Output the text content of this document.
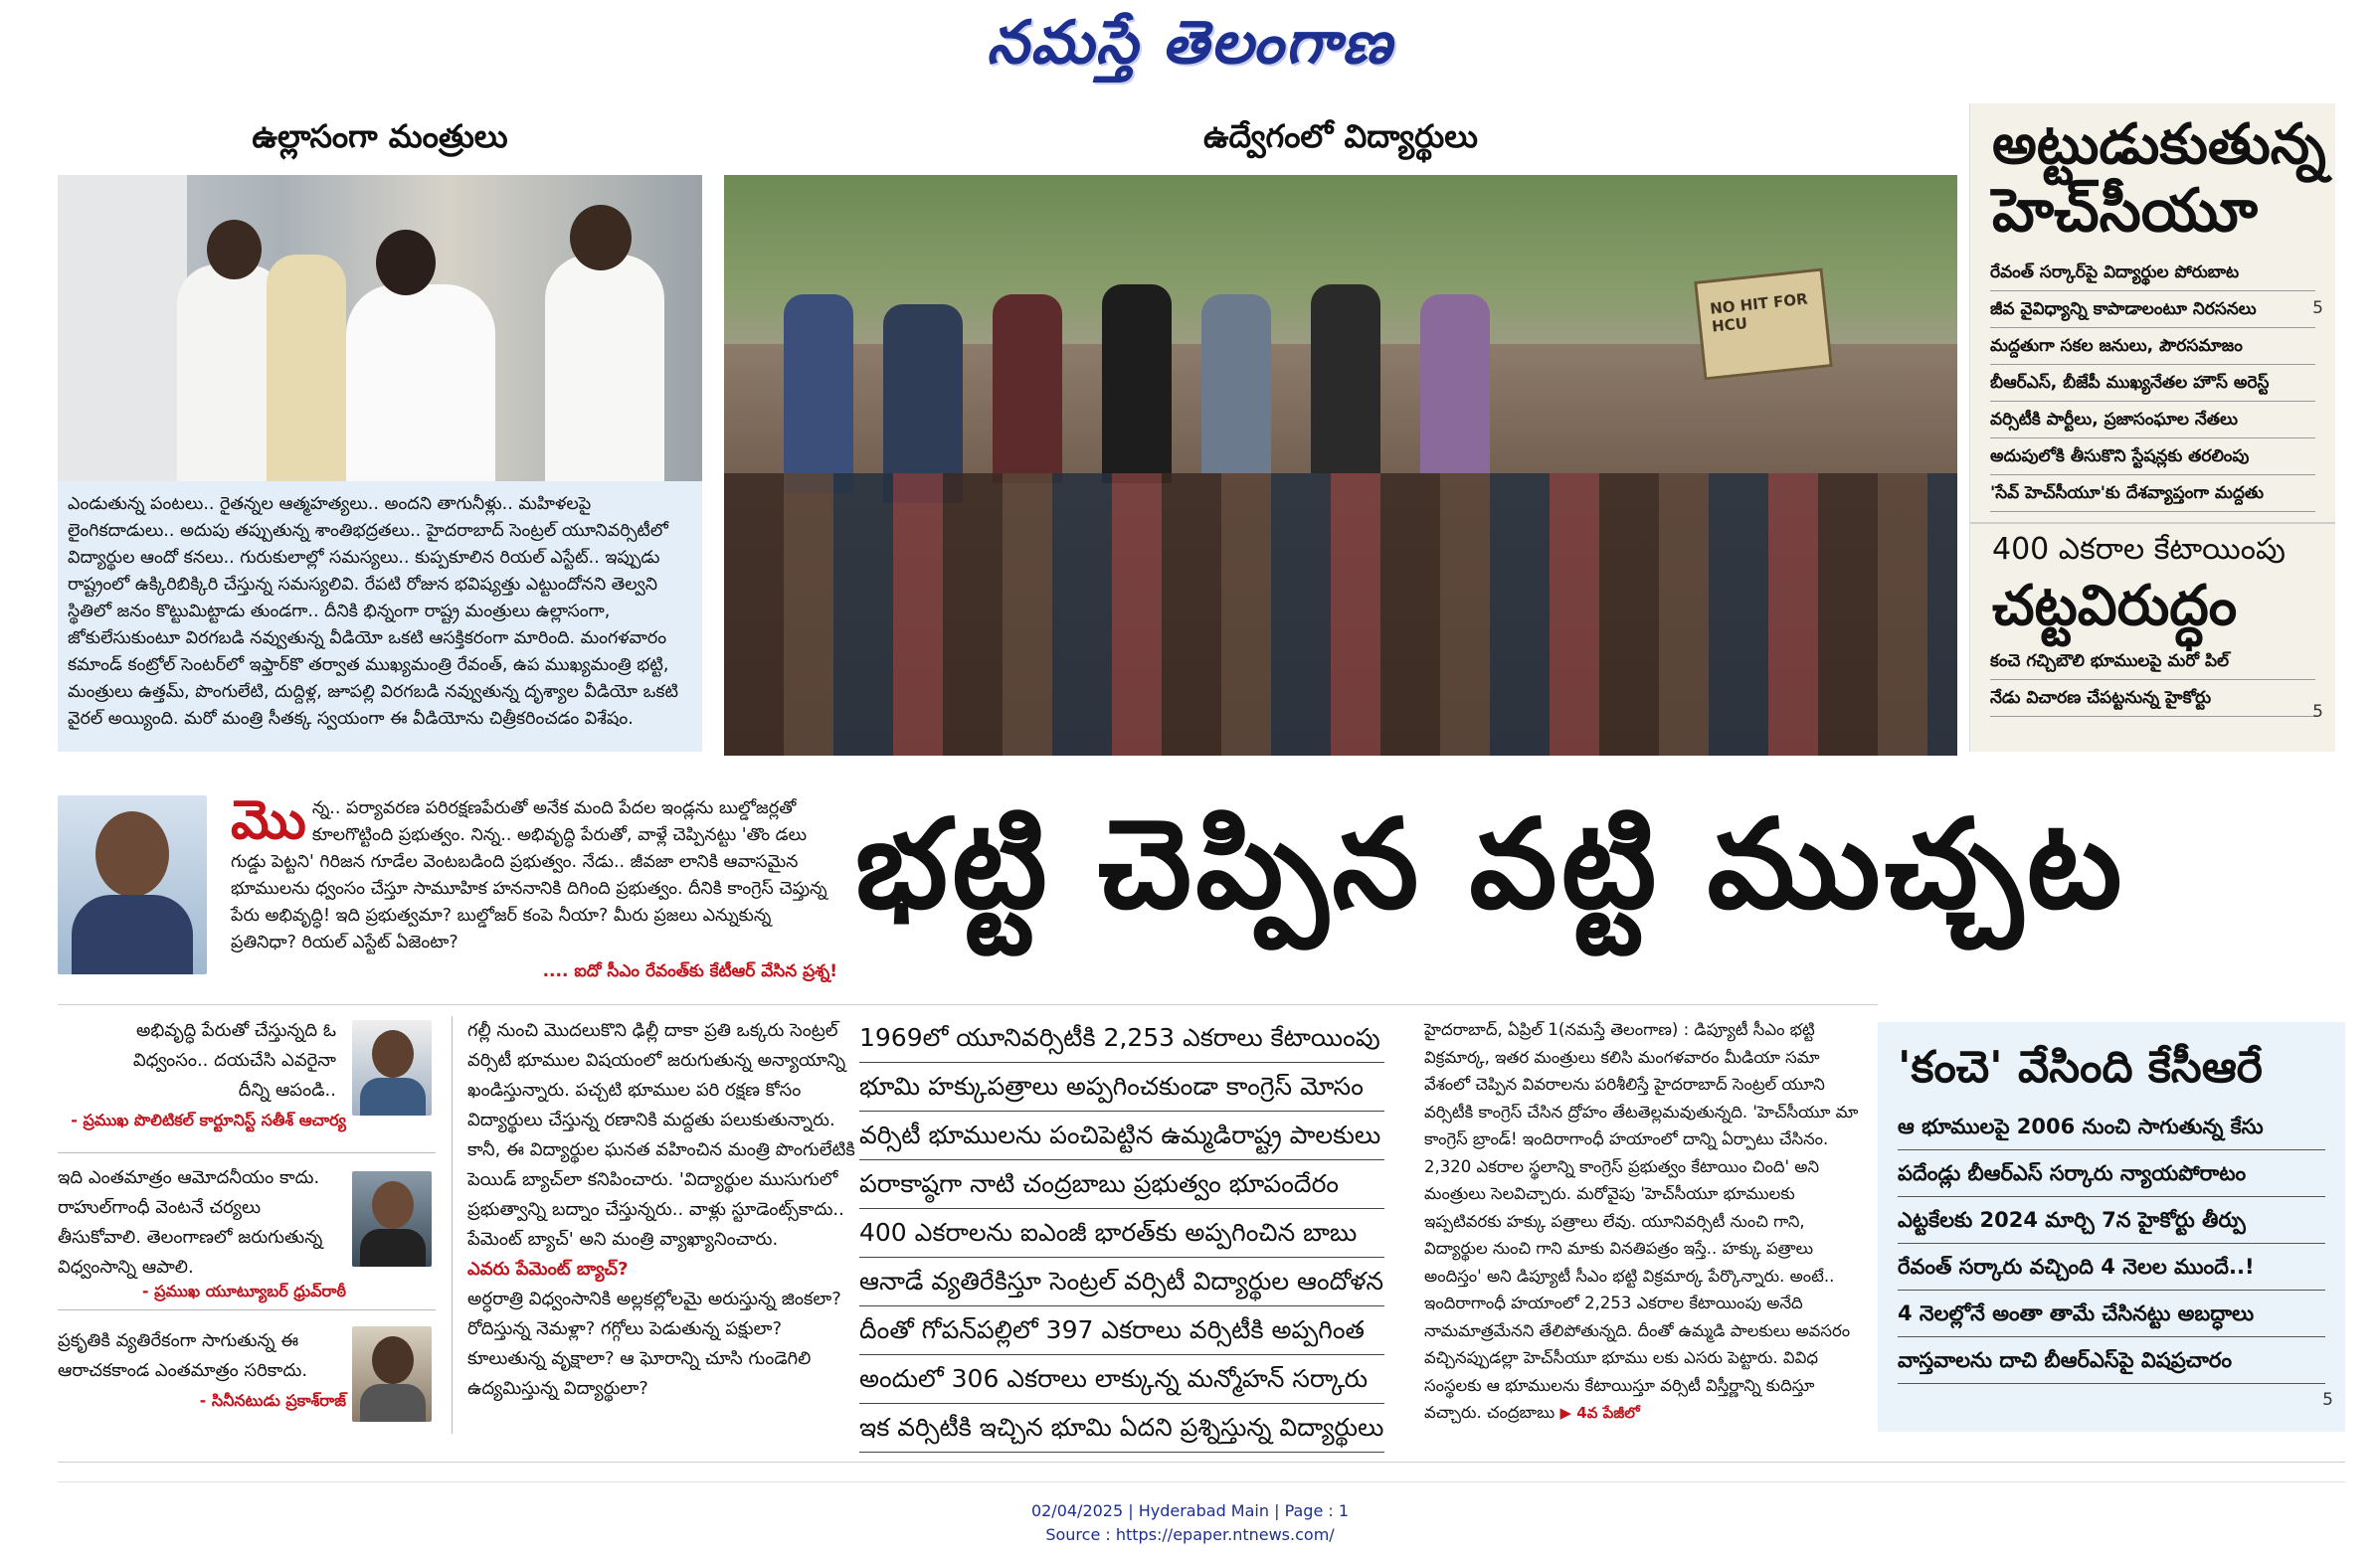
నమస్తే తెలంగాణ
ఉల్లాసంగా మంత్రులు
ఎండుతున్న పంటలు.. రైతన్నల ఆత్మహత్యలు.. అందని తాగునీళ్లు.. మహిళలపై లైంగికదాడులు.. అదుపు తప్పుతున్న శాంతిభద్రతలు.. హైదరాబాద్ సెంట్రల్ యూనివర్సిటీలో విద్యార్థుల ఆందో కనలు.. గురుకులాల్లో సమస్యలు.. కుప్పకూలిన రియల్ ఎస్టేట్.. ఇప్పుడు రాష్ట్రంలో ఉక్కిరిబిక్కిరి చేస్తున్న సమస్యలివి. రేపటి రోజున భవిష్యత్తు ఎట్టుందోనని తెల్వని స్థితిలో జనం కొట్టుమిట్టాడు తుండగా.. దీనికి భిన్నంగా రాష్ట్ర మంత్రులు ఉల్లాసంగా, జోకులేసుకుంటూ విరగబడి నవ్వుతున్న వీడియో ఒకటి ఆసక్తికరంగా మారింది. మంగళవారం కమాండ్ కంట్రోల్ సెంటర్‌లో ఇఫ్తార్‌కొ తర్వాత ముఖ్యమంత్రి రేవంత్, ఉప ముఖ్యమంత్రి భట్టి, మంత్రులు ఉత్తమ్, పొంగులేటి, దుద్దిళ్ల, జూపల్లి విరగబడి నవ్వుతున్న దృశ్యాల వీడియో ఒకటి వైరల్ అయ్యింది. మరో మంత్రి సీతక్క స్వయంగా ఈ వీడియోను చిత్రీకరించడం విశేషం.
ఉద్వేగంలో విద్యార్థులు
NO HIT FOR HCU
అట్టుడుకుతున్న
హెచ్‌సీయూ
రేవంత్ సర్కార్‌పై విద్యార్థుల పోరుబాట
జీవ వైవిధ్యాన్ని కాపాడాలంటూ నిరసనలు
మద్దతుగా సకల జనులు, పౌరసమాజం
బీఆర్‌ఎస్, బీజేపీ ముఖ్యనేతల హౌస్ అరెస్ట్
వర్సిటీకి పార్టీలు, ప్రజాసంఘాల నేతలు
అదుపులోకి తీసుకొని స్టేషన్లకు తరలింపు
'సేవ్ హెచ్‌సీయూ'కు దేశవ్యాప్తంగా మద్దతు
5
400 ఎకరాల కేటాయింపు
చట్టవిరుద్ధం
కంచె గచ్చిబౌలి భూములపై మరో పిల్
నేడు విచారణ చేపట్టనున్న హైకోర్టు
5
మొన్న.. పర్యావరణ పరిరక్షణపేరుతో అనేక మంది పేదల ఇండ్లను బుల్డోజర్లతో కూలగొట్టింది ప్రభుత్వం. నిన్న.. అభివృద్ధి పేరుతో, వాళ్లే చెప్పినట్టు 'తొం డలు గుడ్డు పెట్టని' గిరిజన గూడేల వెంటబడింది ప్రభుత్వం. నేడు.. జీవజా లానికి ఆవాసమైన భూములను ధ్వంసం చేస్తూ సామూహిక హననానికి దిగింది ప్రభుత్వం. దీనికి కాంగ్రెస్ చెప్తున్న పేరు అభివృద్ధి! ఇది ప్రభుత్వమా? బుల్డోజర్ కంపె నీయా? మీరు ప్రజలు ఎన్నుకున్న ప్రతినిధా? రియల్ ఎస్టేట్ ఏజెంటా?
.... ఐదో సీఎం రేవంత్‌కు కేటీఆర్ వేసిన ప్రశ్న!
భట్టి చెప్పిన వట్టి ముచ్చట
అభివృద్ధి పేరుతో చేస్తున్నది ఓ విధ్వంసం.. దయచేసి ఎవరైనా దీన్ని ఆపండి..
- ప్రముఖ పొలిటికల్ కార్టూనిస్ట్ సతీశ్ ఆచార్య
ఇది ఎంతమాత్రం ఆమోదనీయం కాదు. రాహుల్‌గాంధీ వెంటనే చర్యలు తీసుకోవాలి. తెలంగాణలో జరుగుతున్న విధ్వంసాన్ని ఆపాలి.
- ప్రముఖ యూట్యూబర్ ధ్రువ్‌రాఠీ
ప్రకృతికి వ్యతిరేకంగా సాగుతున్న ఈ ఆరాచకకాండ ఎంతమాత్రం సరికాదు.
- సినీనటుడు ప్రకాశ్‌రాజ్
గల్లీ నుంచి మొదలుకొని ఢిల్లీ దాకా ప్రతి ఒక్కరు సెంట్రల్ వర్సిటీ భూముల విషయంలో జరుగుతున్న అన్యాయాన్ని ఖండిస్తున్నారు. పచ్చటి భూముల పరి రక్షణ కోసం విద్యార్థులు చేస్తున్న రణానికి మద్దతు పలుకుతున్నారు. కానీ, ఈ విద్యార్థుల ఘనత వహించిన మంత్రి పొంగులేటికి పెయిడ్ బ్యాచ్‌లా కనిపించారు. 'విద్యార్థుల ముసుగులో ప్రభుత్వాన్ని బద్నాం చేస్తున్నరు.. వాళ్లు స్టూడెంట్స్‌కాదు.. పేమెంట్ బ్యాచ్' అని మంత్రి వ్యాఖ్యానించారు.
ఎవరు పేమెంట్ బ్యాచ్?
అర్ధరాత్రి విధ్వంసానికి అల్లకల్లోలమై అరుస్తున్న జింకలా? రోదిస్తున్న నెమళ్లా? గగ్గోలు పెడుతున్న పక్షులా? కూలుతున్న వృక్షాలా? ఆ ఘోరాన్ని చూసి గుండెగిలి ఉద్యమిస్తున్న విద్యార్థులా?
1969లో యూనివర్సిటీకి 2,253 ఎకరాలు కేటాయింపు
భూమి హక్కుపత్రాలు అప్పగించకుండా కాంగ్రెస్ మోసం
వర్సిటీ భూములను పంచిపెట్టిన ఉమ్మడిరాష్ట్ర పాలకులు
పరాకాష్ఠగా నాటి చంద్రబాబు ప్రభుత్వం భూపందేరం
400 ఎకరాలను ఐఎంజీ భారత్‌కు అప్పగించిన బాబు
ఆనాడే వ్యతిరేకిస్తూ సెంట్రల్ వర్సిటీ విద్యార్థుల ఆందోళన
దీంతో గోపన్‌పల్లిలో 397 ఎకరాలు వర్సిటీకి అప్పగింత
అందులో 306 ఎకరాలు లాక్కున్న మన్మోహన్ సర్కారు
ఇక వర్సిటీకి ఇచ్చిన భూమి ఏదని ప్రశ్నిస్తున్న విద్యార్థులు
హైదరాబాద్, ఏప్రిల్ 1(నమస్తే తెలంగాణ) : డిప్యూటీ సీఎం భట్టి విక్రమార్క, ఇతర మంత్రులు కలిసి మంగళవారం మీడియా సమా వేశంలో చెప్పిన వివరాలను పరిశీలిస్తే హైదరాబాద్ సెంట్రల్ యూని వర్సిటీకి కాంగ్రెస్ చేసిన ద్రోహం తేటతెల్లమవుతున్నది. 'హెచ్‌సీయూ మా కాంగ్రెస్ బ్రాండ్! ఇందిరాగాంధీ హయాంలో దాన్ని ఏర్పాటు చేసినం. 2,320 ఎకరాల స్థలాన్ని కాంగ్రెస్ ప్రభుత్వం కేటాయిం చింది' అని మంత్రులు సెలవిచ్చారు. మరోవైపు 'హెచ్‌సీయూ భూములకు ఇప్పటివరకు హక్కు పత్రాలు లేవు. యూనివర్సిటీ నుంచి గాని, విద్యార్థుల నుంచి గాని మాకు వినతిపత్రం ఇస్తే.. హక్కు పత్రాలు అందిస్తం' అని డిప్యూటీ సీఎం భట్టి విక్రమార్క పేర్కొన్నారు. అంటే.. ఇందిరాగాంధీ హయాంలో 2,253 ఎకరాల కేటాయింపు అనేది నామమాత్రమేనని తేలిపోతున్నది. దీంతో ఉమ్మడి పాలకులు అవసరం వచ్చినప్పుడల్లా హెచ్‌సీయూ భూము లకు ఎసరు పెట్టారు. వివిధ సంస్థలకు ఆ భూములను కేటాయిస్తూ వర్సిటీ విస్తీర్ణాన్ని కుదిస్తూ వచ్చారు. చంద్రబాబు ▶ 4వ పేజీలో
'కంచె' వేసింది కేసీఆరే
ఆ భూములపై 2006 నుంచి సాగుతున్న కేసు
పదేండ్లు బీఆర్‌ఎస్ సర్కారు న్యాయపోరాటం
ఎట్టకేలకు 2024 మార్చి 7న హైకోర్టు తీర్పు
రేవంత్ సర్కారు వచ్చింది 4 నెలల ముందే..!
4 నెలల్లోనే అంతా తామే చేసినట్టు అబద్ధాలు
వాస్తవాలను దాచి బీఆర్‌ఎస్‌పై విషప్రచారం
5
02/04/2025 | Hyderabad Main | Page : 1
Source : https://epaper.ntnews.com/
